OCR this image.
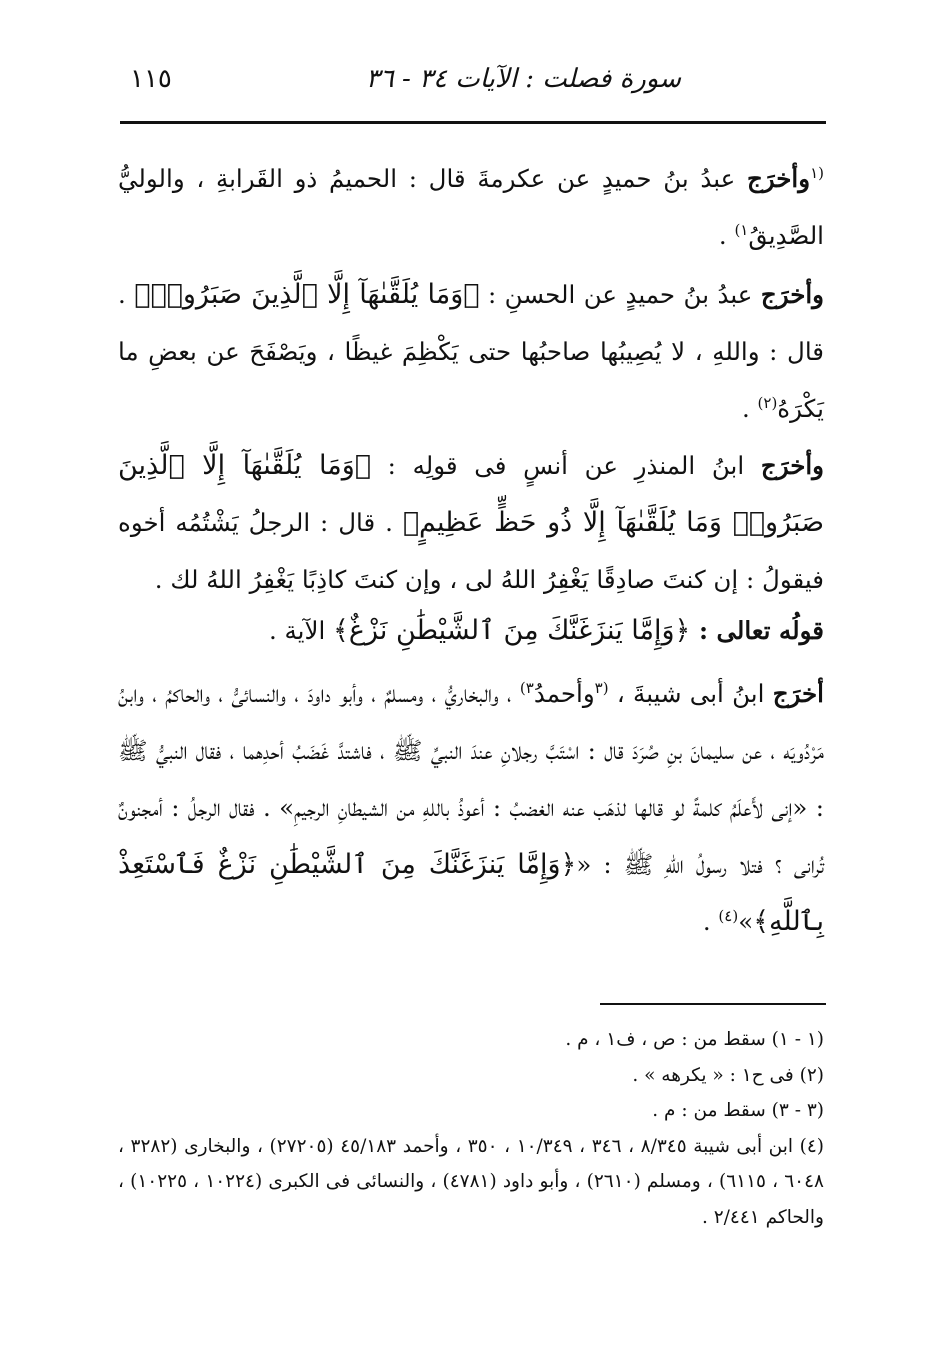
سورة فصلت : الآيات ٣٤ - ٣٦
١١٥

$^{(١}$وأخرَج عبدُ بنُ حميدٍ عن عكرمةَ قال : الحميمُ ذو القَرابةِ ، والوليُّ الصَّدِيقُ$^{١)}$ .

وأخرَج عبدُ بنُ حميدٍ عن الحسنِ : ﴿وَمَا يُلَقَّىٰهَآ إِلَّا ٱلَّذِينَ صَبَرُوا۟﴾ . قال : واللهِ ، لا يُصِيبُها صاحبُها حتى يَكْظِمَ غيظًا ، ويَصْفَحَ عن بعضِ ما يَكْرَهُ$^{(٢)}$ .

وأخرَج ابنُ المنذرِ عن أنسٍ فى قولِه : ﴿وَمَا يُلَقَّىٰهَآ إِلَّا ٱلَّذِينَ صَبَرُوا۟ وَمَا يُلَقَّىٰهَآ إِلَّا ذُو حَظٍّ عَظِيمٍ﴾ . قال : الرجلُ يَشْتُمُه أخوه فيقولُ : إن كنتَ صادِقًا يَغْفِرُ اللهُ لى ، وإن كنتَ كاذِبًا يَغْفِرُ اللهُ لك .

قولُه تعالى : ﴿وَإِمَّا يَنزَغَنَّكَ مِنَ ٱلشَّيْطَٰنِ نَزْغٌ﴾ الآية .

أخرَج ابنُ أبى شيبةَ ، $^{(٣}$وأحمدُ$^{٣)}$ ، والبخاريُّ ، ومسلمٌ ، وأبو داودَ ، والنسائىُّ ، والحاكمُ ، وابنُ مَرْدُويَه ، عن سليمانَ بنِ صُرَدَ قال : اسْتَبَّ رجلانِ عندَ النبيِّ ﷺ ، فاشتدَّ غَضَبُ أحدِهما ، فقال النبيُّ ﷺ : «إنى لأَعلَمُ كلمةً لو قالها لذهَب عنه الغضبُ : أعوذُ باللهِ من الشيطانِ الرجيمِ» . فقال الرجلُ : أمجنونٌ تُرانى ؟ فتلا رسولُ اللهِ ﷺ : «﴿وَإِمَّا يَنزَغَنَّكَ مِنَ ٱلشَّيْطَٰنِ نَزْغٌ فَٱسْتَعِذْ بِٱللَّهِ﴾»$^{(٤)}$ .

(١ - ١) سقط من : ص ، ف١ ، م .

(٢) فى ح١ : « يكرهه » .

(٣ - ٣) سقط من : م .

(٤) ابن أبى شيبة ٨/٣٤٥ ، ٣٤٦ ، ١٠/٣٤٩ ، ٣٥٠ ، وأحمد ٤٥/١٨٣ (٢٧٢٠٥) ، والبخارى (٣٢٨٢ ، ٦٠٤٨ ، ٦١١٥) ، ومسلم (٢٦١٠) ، وأبو داود (٤٧٨١) ، والنسائى فى الكبرى (١٠٢٢٤ ، ١٠٢٢٥) ، والحاكم ٢/٤٤١ .
